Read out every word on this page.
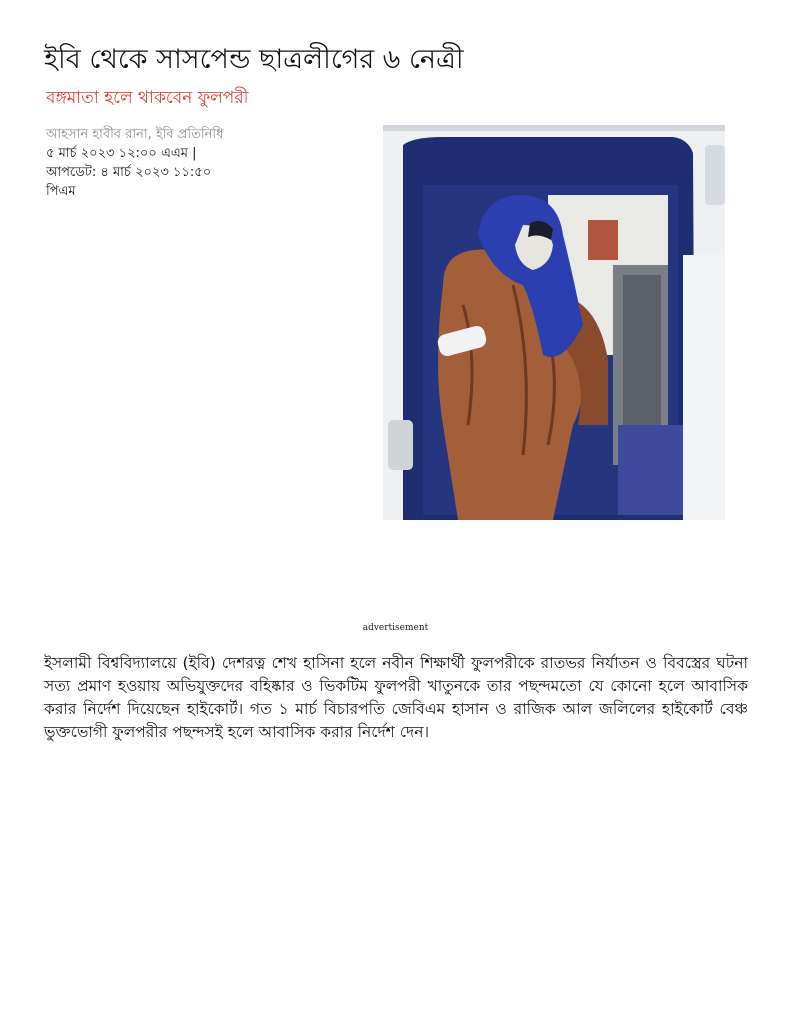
ইবি থেকে সাসপেন্ড ছাত্রলীগের ৬ নেত্রী

বঙ্গমাতা হলে থাকবেন ফুলপরী

আহসান হাবীব রানা, ইবি প্রতিনিধি
৫ মার্চ ২০২৩ ১২:০০ এএম |
আপডেট: ৪ মার্চ ২০২৩ ১১:৫০ পিএম
advertisement

ইসলামী বিশ্ববিদ্যালয়ে (ইবি) দেশরত্ন শেখ হাসিনা হলে নবীন শিক্ষার্থী ফুলপরীকে রাতভর নির্যাতন ও বিবস্ত্রের ঘটনা সত্য প্রমাণ হওয়ায় অভিযুক্তদের বহিষ্কার ও ভিকটিম ফুলপরী খাতুনকে তার পছন্দমতো যে কোনো হলে আবাসিক করার নির্দেশ দিয়েছেন হাইকোর্ট। গত ১ মার্চ বিচারপতি জেবিএম হাসান ও রাজিক আল জলিলের হাইকোর্ট বেঞ্চ ভুক্তভোগী ফুলপরীর পছন্দসই হলে আবাসিক করার নির্দেশ দেন।
